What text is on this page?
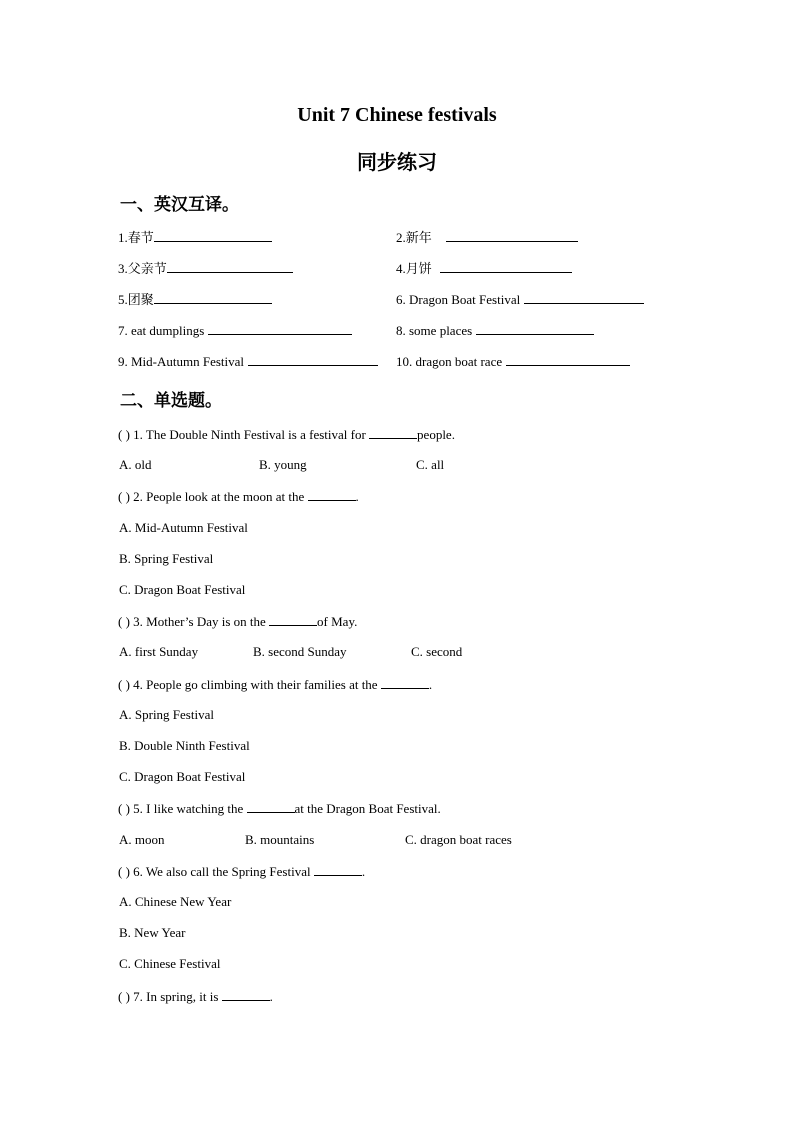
Unit 7 Chinese festivals
同步练习
一、英汉互译。
1.春节	2.新年
3.父亲节	4.月饼
5.团聚	6. Dragon Boat Festival
7. eat dumplings	8. some places
9. Mid-Autumn Festival	10. dragon boat race
二、单选题。
( ) 1. The Double Ninth Festival is a festival for	people.
A. old	B. young	C. all
( ) 2. People look at the moon at the	.
A. Mid-Autumn Festival
B. Spring Festival
C. Dragon Boat Festival
( ) 3. Mother’s Day is on the	of May.
A. first Sunday	B. second Sunday	C. second
( ) 4. People go climbing with their families at the	.
A. Spring Festival
B. Double Ninth Festival
C. Dragon Boat Festival
( ) 5. I like watching the	at the Dragon Boat Festival.
A. moon	B. mountains	C. dragon boat races
( ) 6. We also call the Spring Festival	.
A. Chinese New Year
B. New Year
C. Chinese Festival
( ) 7. In spring, it is	.
